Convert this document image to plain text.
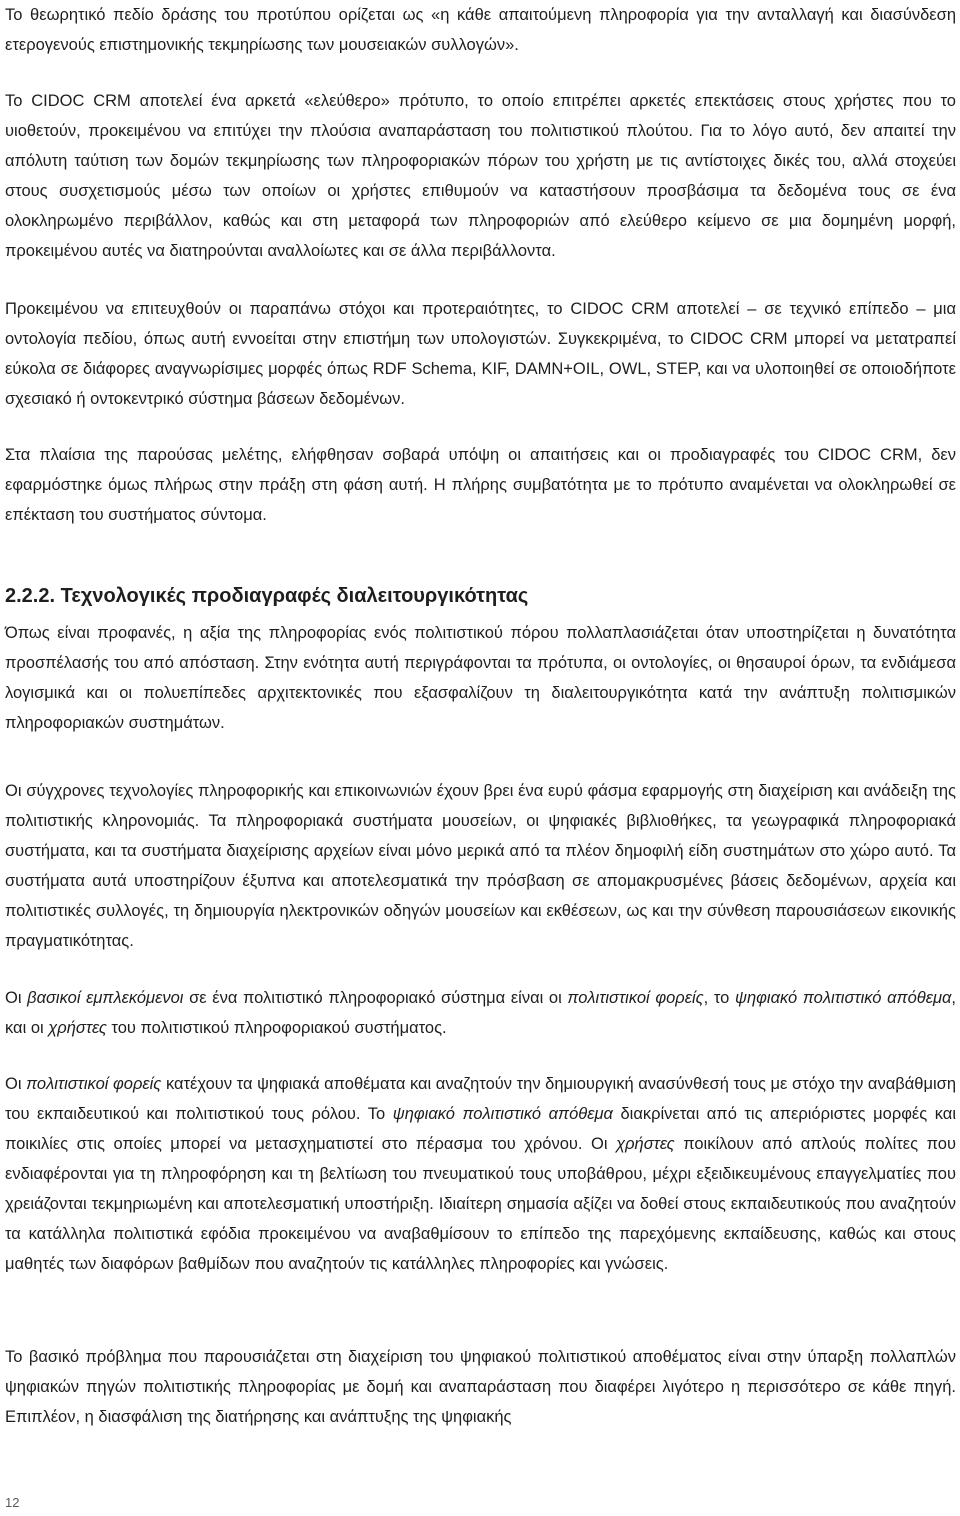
Το θεωρητικό πεδίο δράσης του προτύπου ορίζεται ως «η κάθε απαιτούμενη πληροφορία για την ανταλλαγή και διασύνδεση ετερογενούς επιστημονικής τεκμηρίωσης των μουσειακών συλλογών».

Το CIDOC CRM αποτελεί ένα αρκετά «ελεύθερο» πρότυπο, το οποίο επιτρέπει αρκετές επεκτάσεις στους χρήστες που το υιοθετούν, προκειμένου να επιτύχει την πλούσια αναπαράσταση του πολιτιστικού πλούτου. Για το λόγο αυτό, δεν απαιτεί την απόλυτη ταύτιση των δομών τεκμηρίωσης των πληροφοριακών πόρων του χρήστη με τις αντίστοιχες δικές του, αλλά στοχεύει στους συσχετισμούς μέσω των οποίων οι χρήστες επιθυμούν να καταστήσουν προσβάσιμα τα δεδομένα τους σε ένα ολοκληρωμένο περιβάλλον, καθώς και στη μεταφορά των πληροφοριών από ελεύθερο κείμενο σε μια δομημένη μορφή, προκειμένου αυτές να διατηρούνται αναλλοίωτες και σε άλλα περιβάλλοντα.

Προκειμένου να επιτευχθούν οι παραπάνω στόχοι και προτεραιότητες, το CIDOC CRM αποτελεί – σε τεχνικό επίπεδο – μια οντολογία πεδίου, όπως αυτή εννοείται στην επιστήμη των υπολογιστών. Συγκεκριμένα, το CIDOC CRM μπορεί να μετατραπεί εύκολα σε διάφορες αναγνωρίσιμες μορφές όπως RDF Schema, KIF, DAMN+OIL, OWL, STEP, και να υλοποιηθεί σε οποιοδήποτε σχεσιακό ή οντοκεντρικό σύστημα βάσεων δεδομένων.

Στα πλαίσια της παρούσας μελέτης, ελήφθησαν σοβαρά υπόψη οι απαιτήσεις και οι προδιαγραφές του CIDOC CRM, δεν εφαρμόστηκε όμως πλήρως στην πράξη στη φάση αυτή. Η πλήρης συμβατότητα με το πρότυπο αναμένεται να ολοκληρωθεί σε επέκταση του συστήματος σύντομα.

2.2.2. Τεχνολογικές προδιαγραφές διαλειτουργικότητας

Όπως είναι προφανές, η αξία της πληροφορίας ενός πολιτιστικού πόρου πολλαπλασιάζεται όταν υποστηρίζεται η δυνατότητα προσπέλασής του από απόσταση. Στην ενότητα αυτή περιγράφονται τα πρότυπα, οι οντολογίες, οι θησαυροί όρων, τα ενδιάμεσα λογισμικά και οι πολυεπίπεδες αρχιτεκτονικές που εξασφαλίζουν τη διαλειτουργικότητα κατά την ανάπτυξη πολιτισμικών πληροφοριακών συστημάτων.

Οι σύγχρονες τεχνολογίες πληροφορικής και επικοινωνιών έχουν βρει ένα ευρύ φάσμα εφαρμογής στη διαχείριση και ανάδειξη της πολιτιστικής κληρονομιάς. Τα πληροφοριακά συστήματα μουσείων, οι ψηφιακές βιβλιοθήκες, τα γεωγραφικά πληροφοριακά συστήματα, και τα συστήματα διαχείρισης αρχείων είναι μόνο μερικά από τα πλέον δημοφιλή είδη συστημάτων στο χώρο αυτό. Τα συστήματα αυτά υποστηρίζουν έξυπνα και αποτελεσματικά την πρόσβαση σε απομακρυσμένες βάσεις δεδομένων, αρχεία και πολιτιστικές συλλογές, τη δημιουργία ηλεκτρονικών οδηγών μουσείων και εκθέσεων, ως και την σύνθεση παρουσιάσεων εικονικής πραγματικότητας.

Οι βασικοί εμπλεκόμενοι σε ένα πολιτιστικό πληροφοριακό σύστημα είναι οι πολιτιστικοί φορείς, το ψηφιακό πολιτιστικό απόθεμα, και οι χρήστες του πολιτιστικού πληροφοριακού συστήματος.

Οι πολιτιστικοί φορείς κατέχουν τα ψηφιακά αποθέματα και αναζητούν την δημιουργική ανασύνθεσή τους με στόχο την αναβάθμιση του εκπαιδευτικού και πολιτιστικού τους ρόλου. Το ψηφιακό πολιτιστικό απόθεμα διακρίνεται από τις απεριόριστες μορφές και ποικιλίες στις οποίες μπορεί να μετασχηματιστεί στο πέρασμα του χρόνου. Οι χρήστες ποικίλουν από απλούς πολίτες που ενδιαφέρονται για τη πληροφόρηση και τη βελτίωση του πνευματικού τους υποβάθρου, μέχρι εξειδικευμένους επαγγελματίες που χρειάζονται τεκμηριωμένη και αποτελεσματική υποστήριξη. Ιδιαίτερη σημασία αξίζει να δοθεί στους εκπαιδευτικούς που αναζητούν τα κατάλληλα πολιτιστικά εφόδια προκειμένου να αναβαθμίσουν το επίπεδο της παρεχόμενης εκπαίδευσης, καθώς και στους μαθητές των διαφόρων βαθμίδων που αναζητούν τις κατάλληλες πληροφορίες και γνώσεις.

Το βασικό πρόβλημα που παρουσιάζεται στη διαχείριση του ψηφιακού πολιτιστικού αποθέματος είναι στην ύπαρξη πολλαπλών ψηφιακών πηγών πολιτιστικής πληροφορίας με δομή και αναπαράσταση που διαφέρει λιγότερο η περισσότερο σε κάθε πηγή. Επιπλέον, η διασφάλιση της διατήρησης και ανάπτυξης της ψηφιακής

12
